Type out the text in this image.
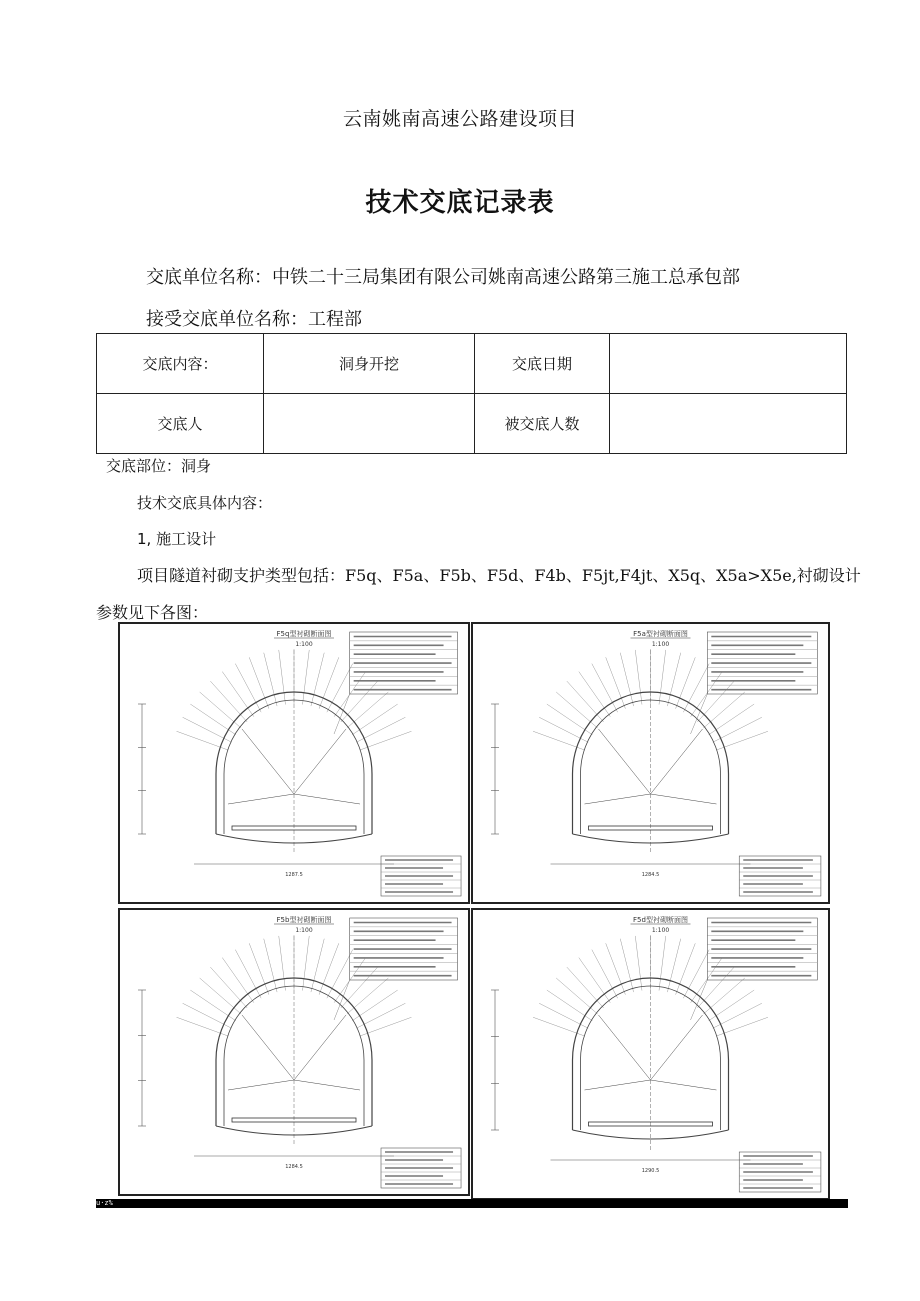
云南姚南高速公路建设项目
技术交底记录表
交底单位名称：中铁二十三局集团有限公司姚南高速公路第三施工总承包部
接受交底单位名称：工程部
交底内容：	洞身开挖	交底日期	
交底人		被交底人数	
交底部位：洞身
技术交底具体内容：
1, 施工设计
项目隧道衬砌支护类型包括：F5q、F5a、F5b、F5d、F4b、F5jt,F4jt、X5q、X5a>X5e,衬砌设计
参数见下各图：
F5q型衬砌断面图
1:100
1287.5
F5a型衬砌断面图
1:100
1284.5
F5b型衬砌断面图
1:100
1284.5
F5d型衬砌断面图
1:100
1290.5
u·z%
